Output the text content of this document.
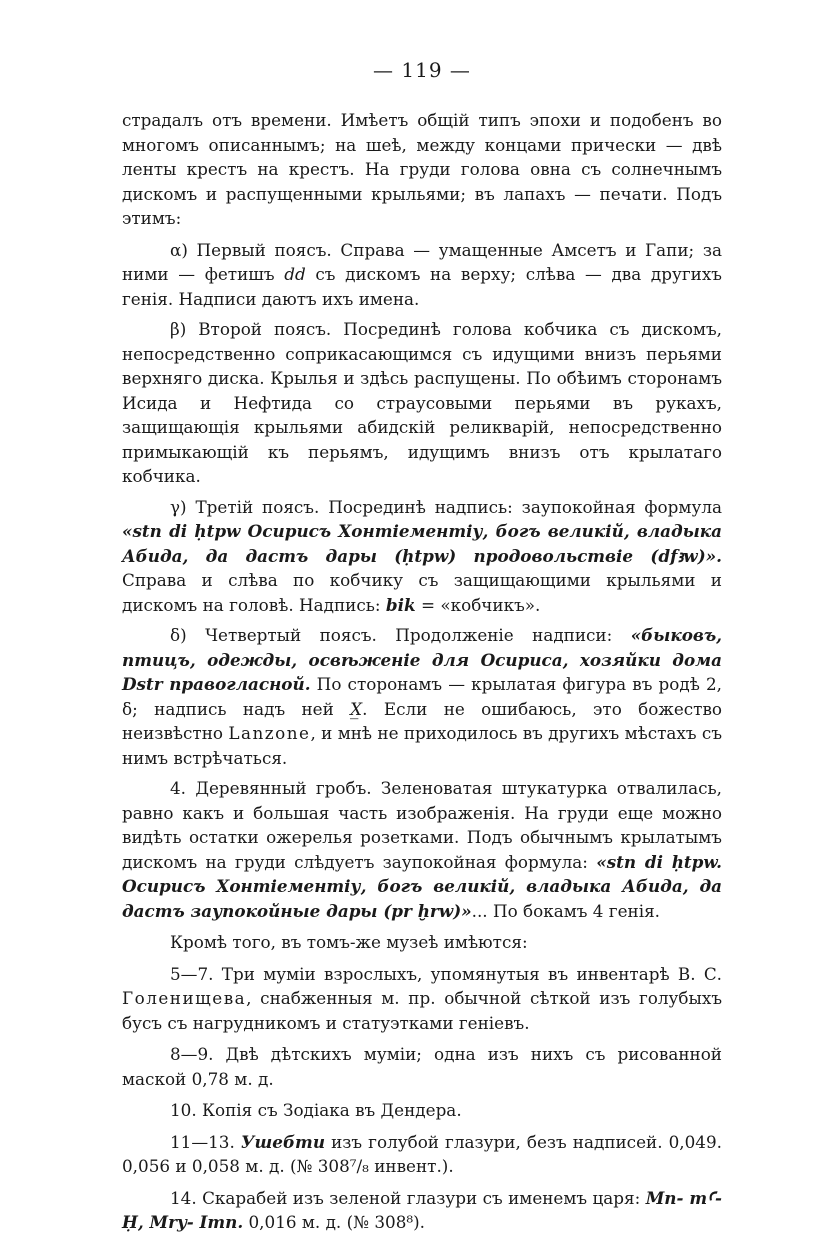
— 119 —

страдалъ отъ времени. Имѣетъ общій типъ эпохи и подобенъ во многомъ описаннымъ; на шеѣ, между концами прически — двѣ ленты крестъ на крестъ. На груди голова овна съ солнечнымъ дискомъ и распущенными крыльями; въ лапахъ — печати. Подъ этимъ:

α) Первый поясъ. Справа — умащенные Амсетъ и Гапи; за ними — фетишъ dd съ дискомъ на верху; слѣва — два другихъ генія. Надписи даютъ ихъ имена.

β) Второй поясъ. Посрединѣ голова кобчика съ дискомъ, непосредственно соприкасающимся съ идущими внизъ перьями верхняго диска. Крылья и здѣсь распущены. По обѣимъ сторонамъ Исида и Нефтида со страусовыми перьями въ рукахъ, защищающія крыльями абидскій реликварій, непосредственно примыкающій къ перьямъ, идущимъ внизъ отъ крылатаго кобчика.

γ) Третій поясъ. Посрединѣ надпись: заупокойная формула «stn di ḥtpw Осирисъ Хонтіементіу, богъ великій, владыка Абида, да дастъ дары (ḥtpw) продовольствіе (dfꜣw)». Справа и слѣва по кобчику съ защищающими крыльями и дискомъ на головѣ. Надпись: bik = «кобчикъ».

δ) Четвертый поясъ. Продолженіе надписи: «быковъ, птицъ, одежды, освѣженіе для Осириса, хозяйки дома Dstr правогласной. По сторонамъ — крылатая фигура въ родѣ 2, δ; надпись надъ ней X̲. Если не ошибаюсь, это божество неизвѣстно Lanzone, и мнѣ не приходилось въ другихъ мѣстахъ съ нимъ встрѣчаться.

4. Деревянный гробъ. Зеленоватая штукатурка отвалилась, равно какъ и большая часть изображенія. На груди еще можно видѣть остатки ожерелья розетками. Подъ обычнымъ крылатымъ дискомъ на груди слѣдуетъ заупокойная формула: «stn di ḥtpw. Осирисъ Хонтіементіу, богъ великій, владыка Абида, да дастъ заупокойные дары (pr ḫrw)»... По бокамъ 4 генія.

Кромѣ того, въ томъ-же музеѣ имѣются:

5—7. Три муміи взрослыхъ, упомянутыя въ инвентарѣ В. С. Голенищева, снабженныя м. пр. обычной сѣткой изъ голубыхъ бусъ съ нагрудникомъ и статуэтками геніевъ.

8—9. Двѣ дѣтскихъ муміи; одна изъ нихъ съ рисованной маской 0,78 м. д.

10. Копія съ Зодіака въ Дендера.

11—13. Ушебти изъ голубой глазури, безъ надписей. 0,049. 0,056 и 0,058 м. д. (№ 308⁷/₈ инвент.).

14. Скарабей изъ зеленой глазури съ именемъ царя: Mn- mꜤ- Ḥ, Mry- Imn. 0,016 м. д. (№ 308⁸).
